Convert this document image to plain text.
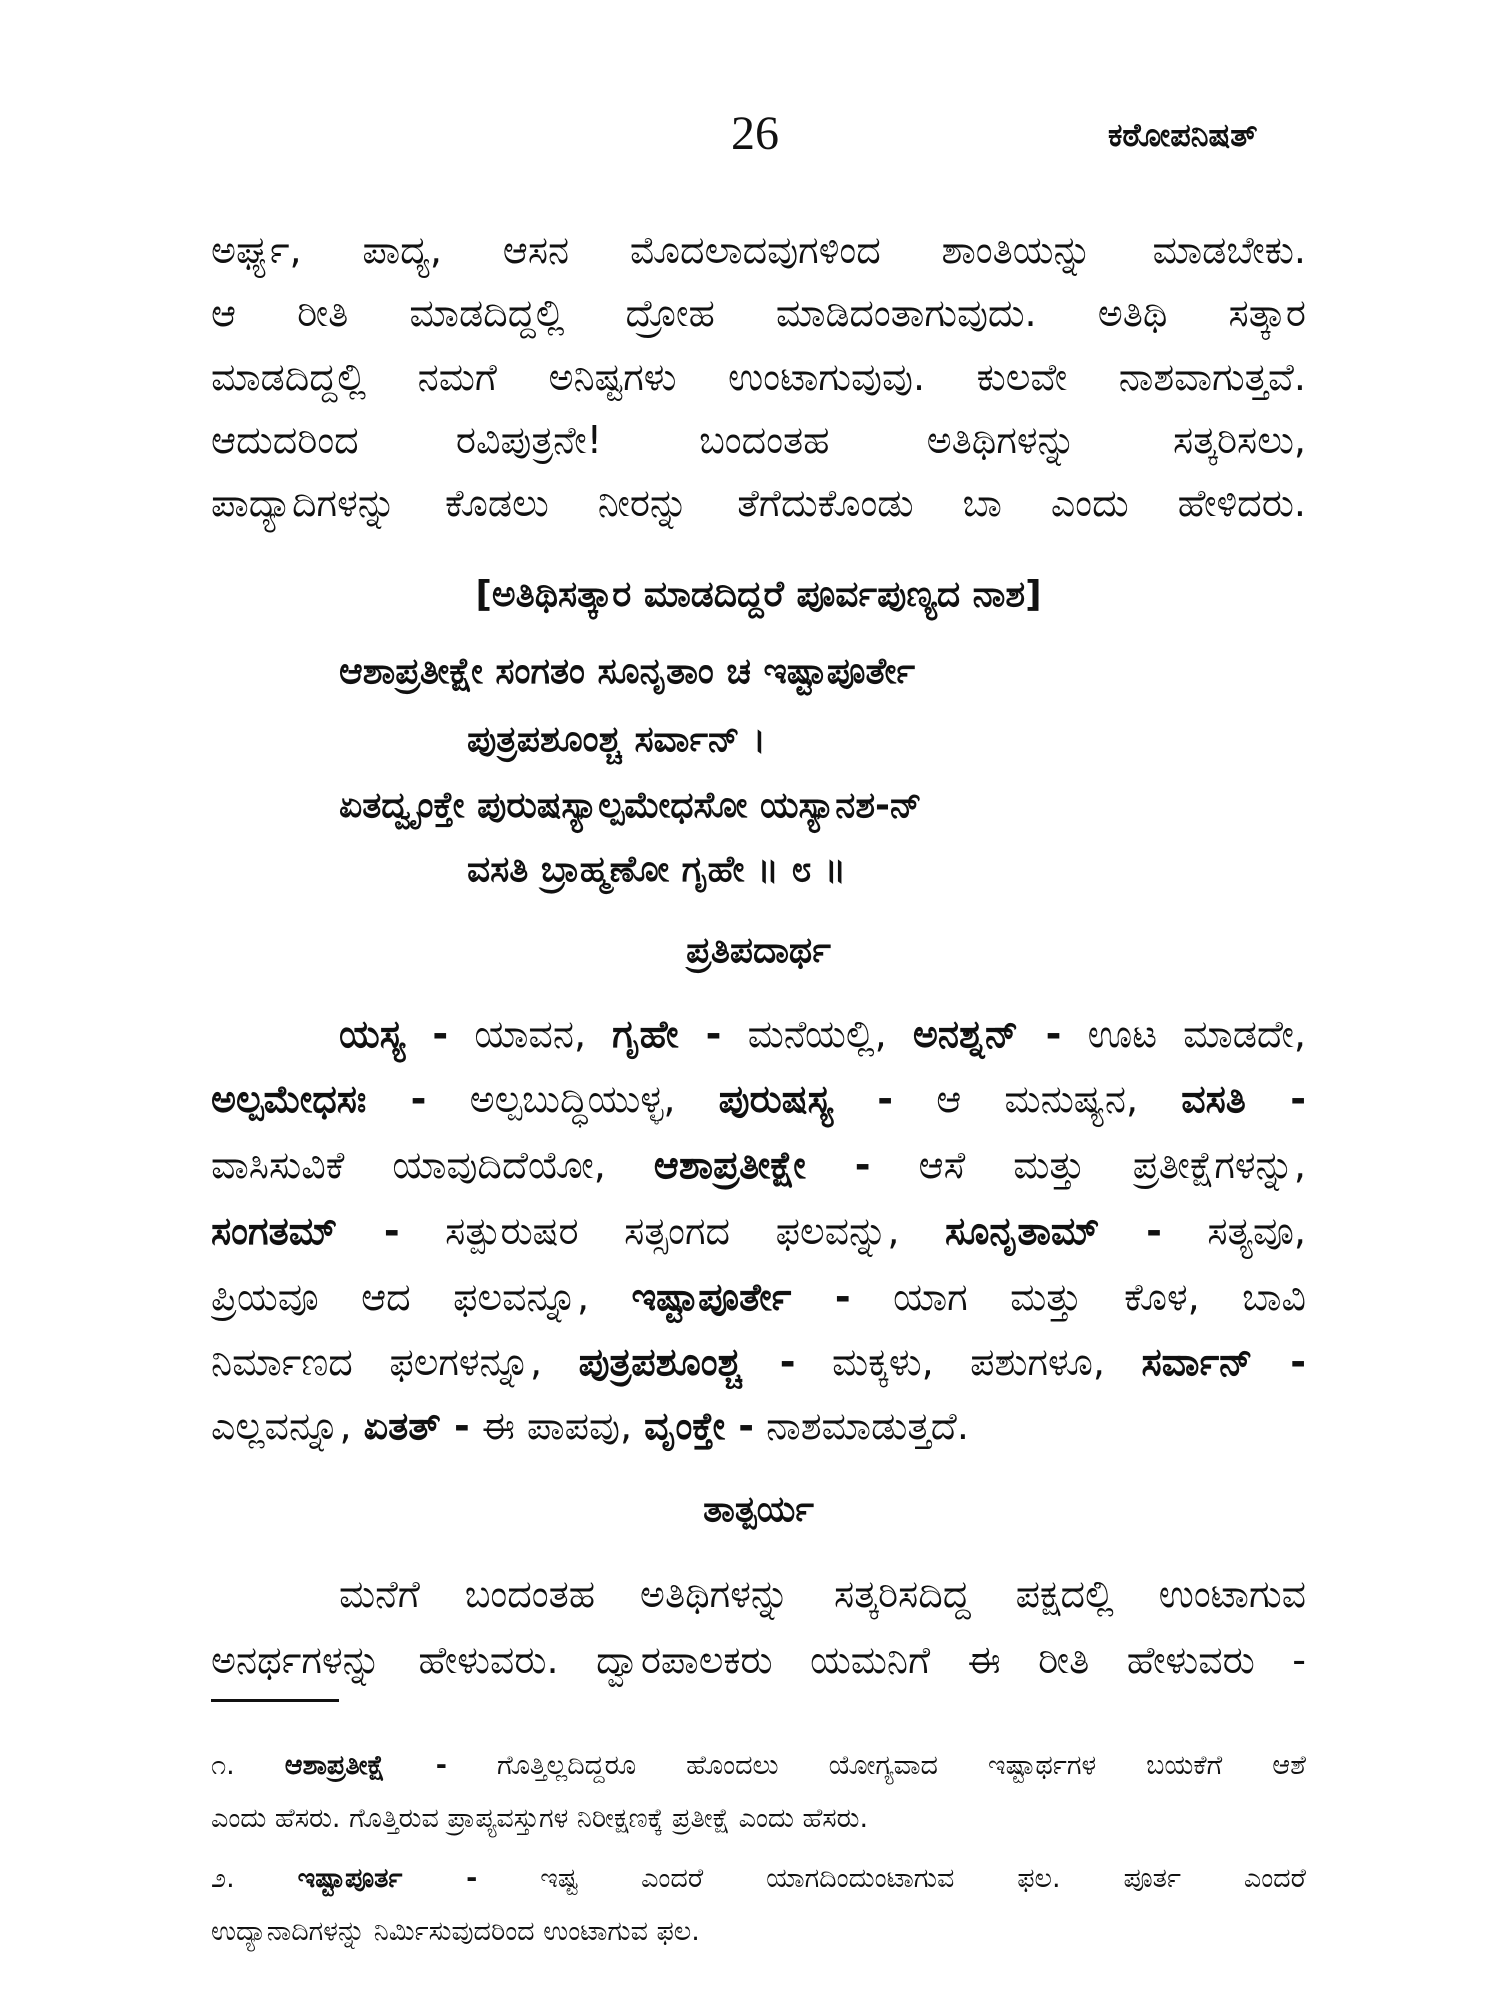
26	ಕಠೋಪನಿಷತ್
ಅರ್ಘ್ಯ, ಪಾದ್ಯ, ಆಸನ ಮೊದಲಾದವುಗಳಿಂದ ಶಾಂತಿಯನ್ನು ಮಾಡಬೇಕು.
ಆ ರೀತಿ ಮಾಡದಿದ್ದಲ್ಲಿ ದ್ರೋಹ ಮಾಡಿದಂತಾಗುವುದು. ಅತಿಥಿ ಸತ್ಕಾರ
ಮಾಡದಿದ್ದಲ್ಲಿ ನಮಗೆ ಅನಿಷ್ಟಗಳು ಉಂಟಾಗುವುವು. ಕುಲವೇ ನಾಶವಾಗುತ್ತವೆ.
ಆದುದರಿಂದ ರವಿಪುತ್ರನೇ! ಬಂದಂತಹ ಅತಿಥಿಗಳನ್ನು ಸತ್ಕರಿಸಲು,
ಪಾದ್ಯಾದಿಗಳನ್ನು ಕೊಡಲು ನೀರನ್ನು ತೆಗೆದುಕೊಂಡು ಬಾ ಎಂದು ಹೇಳಿದರು.
[ಅತಿಥಿಸತ್ಕಾರ ಮಾಡದಿದ್ದರೆ ಪೂರ್ವಪುಣ್ಯದ ನಾಶ]
ಆಶಾಪ್ರತೀಕ್ಷೇ ಸಂಗತಂ ಸೂನೃತಾಂ ಚ ಇಷ್ಟಾಪೂರ್ತೇ
ಪುತ್ರಪಶೂಂಶ್ಚ ಸರ್ವಾನ್ ।
ಏತದ್ವೃಂಕ್ತೇ ಪುರುಷಸ್ಯಾಲ್ಪಮೇಧಸೋ ಯಸ್ಯಾನಶ-ನ್
ವಸತಿ ಬ್ರಾಹ್ಮಣೋ ಗೃಹೇ ॥ ೮ ॥
ಪ್ರತಿಪದಾರ್ಥ
ಯಸ್ಯ - ಯಾವನ, ಗೃಹೇ - ಮನೆಯಲ್ಲಿ, ಅನಶ್ನನ್ - ಊಟ ಮಾಡದೇ,
ಅಲ್ಪಮೇಧಸಃ - ಅಲ್ಪಬುದ್ಧಿಯುಳ್ಳ, ಪುರುಷಸ್ಯ - ಆ ಮನುಷ್ಯನ, ವಸತಿ -
ವಾಸಿಸುವಿಕೆ ಯಾವುದಿದೆಯೋ, ಆಶಾಪ್ರತೀಕ್ಷೇ - ಆಸೆ ಮತ್ತು ಪ್ರತೀಕ್ಷೆಗಳನ್ನು,
ಸಂಗತಮ್ - ಸತ್ಪುರುಷರ ಸತ್ಸಂಗದ ಫಲವನ್ನು, ಸೂನೃತಾಮ್ - ಸತ್ಯವೂ,
ಪ್ರಿಯವೂ ಆದ ಫಲವನ್ನೂ, ಇಷ್ಟಾಪೂರ್ತೇ - ಯಾಗ ಮತ್ತು ಕೊಳ, ಬಾವಿ
ನಿರ್ಮಾಣದ ಫಲಗಳನ್ನೂ, ಪುತ್ರಪಶೂಂಶ್ಚ - ಮಕ್ಕಳು, ಪಶುಗಳೂ, ಸರ್ವಾನ್ -
ಎಲ್ಲವನ್ನೂ, ಏತತ್ - ಈ ಪಾಪವು, ವೃಂಕ್ತೇ - ನಾಶಮಾಡುತ್ತದೆ.
ತಾತ್ಪರ್ಯ
ಮನೆಗೆ ಬಂದಂತಹ ಅತಿಥಿಗಳನ್ನು ಸತ್ಕರಿಸದಿದ್ದ ಪಕ್ಷದಲ್ಲಿ ಉಂಟಾಗುವ
ಅನರ್ಥಗಳನ್ನು ಹೇಳುವರು. ದ್ವಾರಪಾಲಕರು ಯಮನಿಗೆ ಈ ರೀತಿ ಹೇಳುವರು -
೧. ಆಶಾಪ್ರತೀಕ್ಷೆ - ಗೊತ್ತಿಲ್ಲದಿದ್ದರೂ ಹೊಂದಲು ಯೋಗ್ಯವಾದ ಇಷ್ಟಾರ್ಥಗಳ ಬಯಕೆಗೆ ಆಶೆ
ಎಂದು ಹೆಸರು. ಗೊತ್ತಿರುವ ಪ್ರಾಪ್ಯವಸ್ತುಗಳ ನಿರೀಕ್ಷಣಕ್ಕೆ ಪ್ರತೀಕ್ಷೆ ಎಂದು ಹೆಸರು.
೨. ಇಷ್ಟಾಪೂರ್ತ - ಇಷ್ಟ ಎಂದರೆ ಯಾಗದಿಂದುಂಟಾಗುವ ಫಲ. ಪೂರ್ತ ಎಂದರೆ
ಉದ್ಯಾನಾದಿಗಳನ್ನು ನಿರ್ಮಿಸುವುದರಿಂದ ಉಂಟಾಗುವ ಫಲ.
